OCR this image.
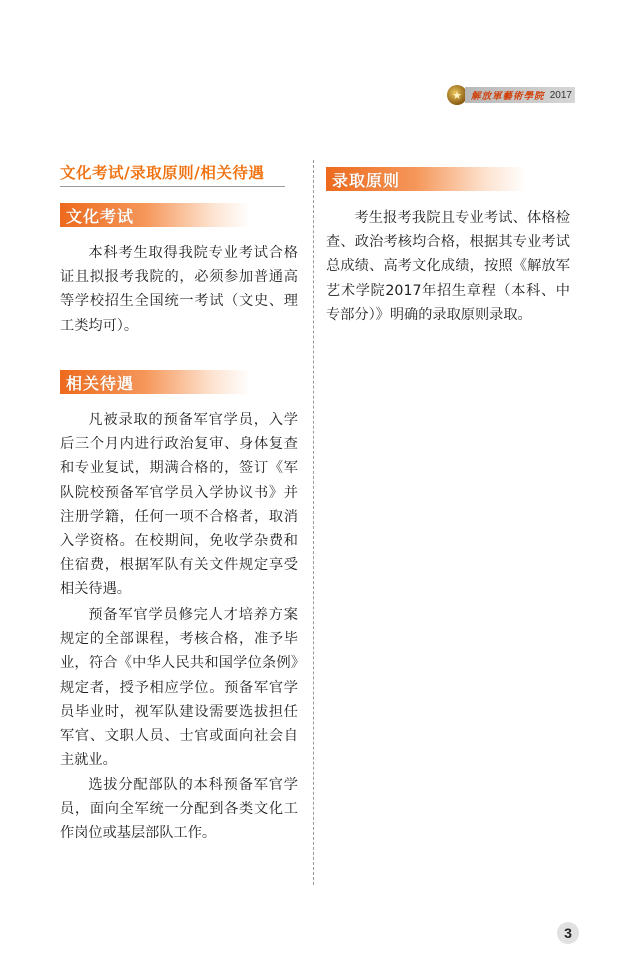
★ 解放軍藝術學院 2017
文化考试/录取原则/相关待遇
文化考试

本科考生取得我院专业考试合格证且拟报考我院的，必须参加普通高等学校招生全国统一考试（文史、理工类均可）。

相关待遇

凡被录取的预备军官学员，入学后三个月内进行政治复审、身体复查和专业复试，期满合格的，签订《军队院校预备军官学员入学协议书》并注册学籍，任何一项不合格者，取消入学资格。在校期间，免收学杂费和住宿费，根据军队有关文件规定享受相关待遇。

预备军官学员修完人才培养方案规定的全部课程，考核合格，准予毕业，符合《中华人民共和国学位条例》规定者，授予相应学位。预备军官学员毕业时，视军队建设需要选拔担任军官、文职人员、士官或面向社会自主就业。

选拔分配部队的本科预备军官学员，面向全军统一分配到各类文化工作岗位或基层部队工作。

录取原则

考生报考我院且专业考试、体格检查、政治考核均合格，根据其专业考试总成绩、高考文化成绩，按照《解放军艺术学院2017年招生章程（本科、中专部分）》明确的录取原则录取。

3
